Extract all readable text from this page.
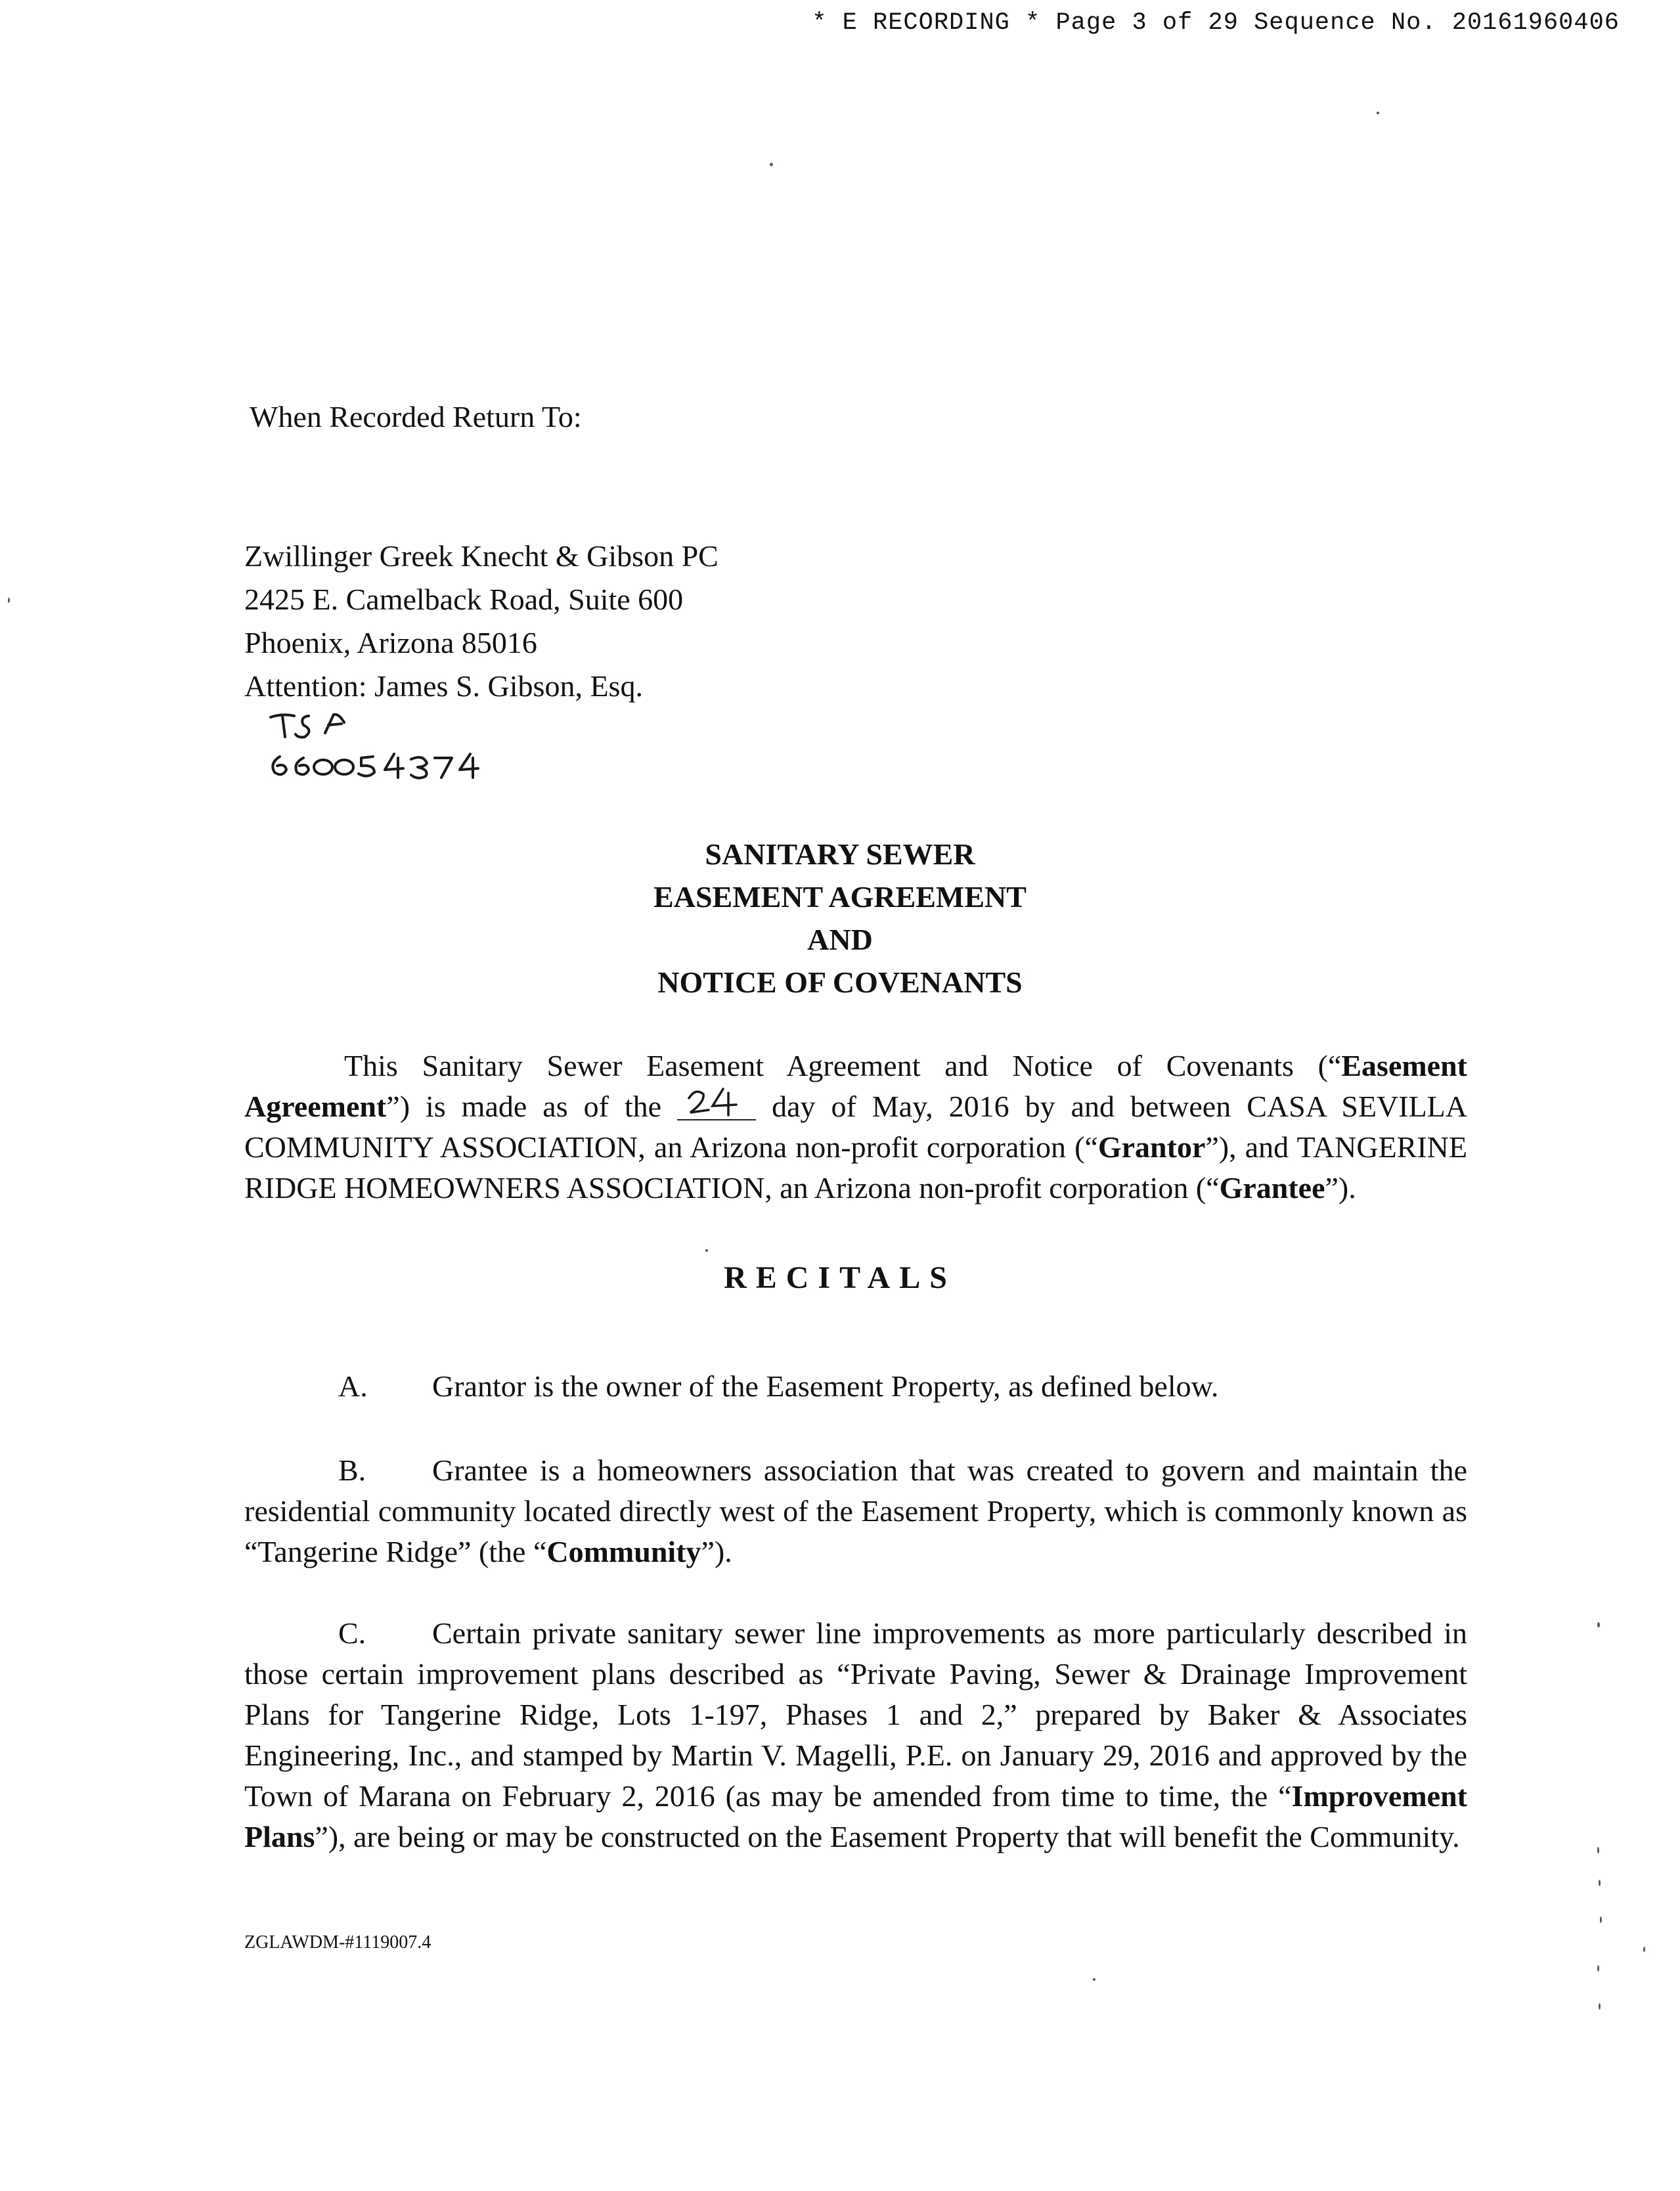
* E RECORDING * Page 3 of 29 Sequence No. 20161960406
When Recorded Return To:
Zwillinger Greek Knecht & Gibson PC
2425 E. Camelback Road, Suite 600
Phoenix, Arizona 85016
Attention: James S. Gibson, Esq.
SANITARY SEWER
EASEMENT AGREEMENT
AND
NOTICE OF COVENANTS
This Sanitary Sewer Easement Agreement and Notice of Covenants (“Easement Agreement”) is made as of the	day of May, 2016 by and between CASA SEVILLA COMMUNITY ASSOCIATION, an Arizona non-profit corporation (“Grantor”), and TANGERINE RIDGE HOMEOWNERS ASSOCIATION, an Arizona non-profit corporation (“Grantee”).
RECITALS
A. Grantor is the owner of the Easement Property, as defined below.
B. Grantee is a homeowners association that was created to govern and maintain the residential community located directly west of the Easement Property, which is commonly known as “Tangerine Ridge” (the “Community”).
C. Certain private sanitary sewer line improvements as more particularly described in those certain improvement plans described as “Private Paving, Sewer & Drainage Improvement Plans for Tangerine Ridge, Lots 1-197, Phases 1 and 2,” prepared by Baker & Associates Engineering, Inc., and stamped by Martin V. Magelli, P.E. on January 29, 2016 and approved by the Town of Marana on February 2, 2016 (as may be amended from time to time, the “Improvement Plans”), are being or may be constructed on the Easement Property that will benefit the Community.
ZGLAWDM-#1119007.4
